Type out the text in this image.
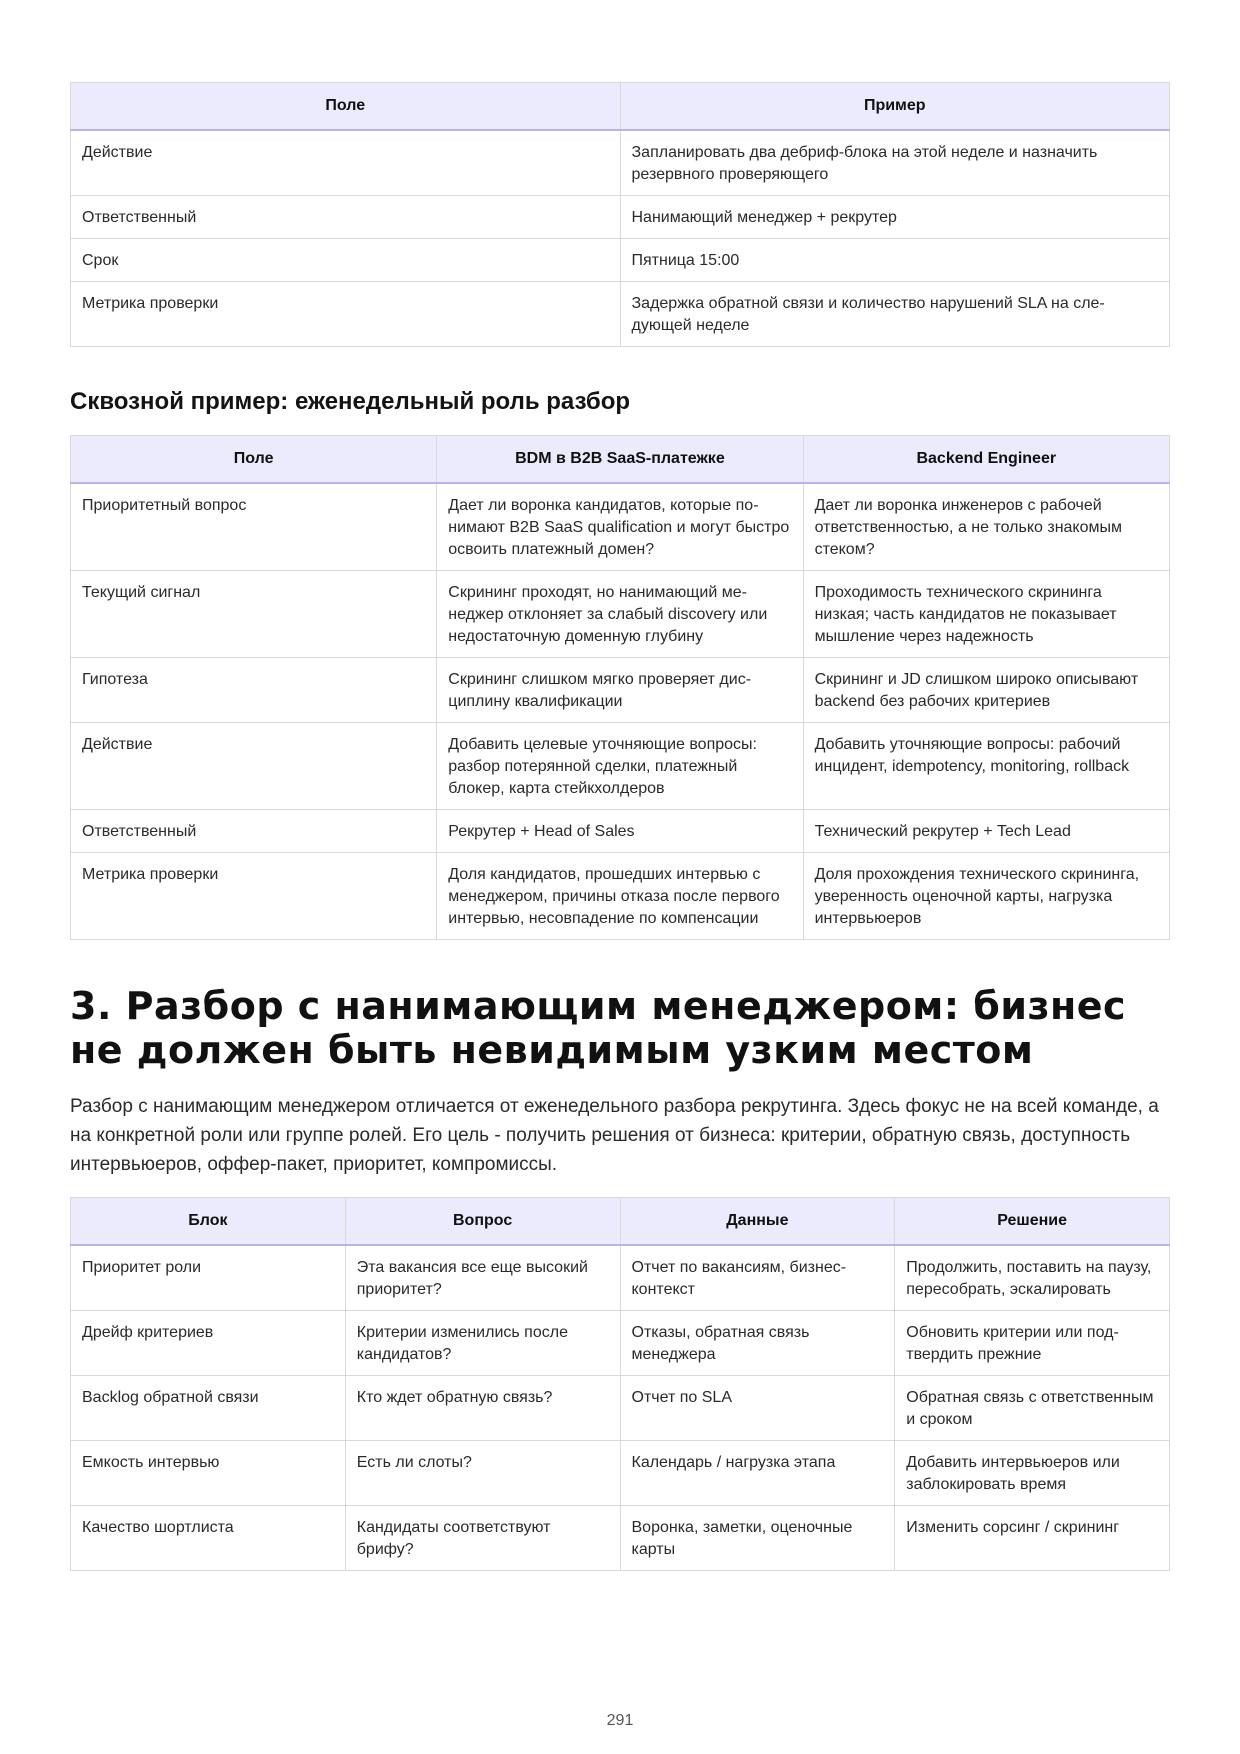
Поле	Пример
Действие	Запланировать два дебриф-блока на этой неделе и назначить резервного проверяющего
Ответственный	Нанимающий менеджер + рекрутер
Срок	Пятница 15:00
Метрика проверки	Задержка обратной связи и количество нарушений SLA на следующей неделе
Сквозной пример: еженедельный роль разбор
Поле	BDM в B2B SaaS-платежке	Backend Engineer
Приоритетный вопрос	Дает ли воронка кандидатов, которые понимают B2B SaaS qualification и могут быстро освоить платежный домен?	Дает ли воронка инженеров с рабочей ответственностью, а не только знакомым стеком?
Текущий сигнал	Скрининг проходят, но нанимающий менеджер отклоняет за слабый discovery или недостаточную доменную глубину	Проходимость технического скрининга низкая; часть кандидатов не показывает мышление через надежность
Гипотеза	Скрининг слишком мягко проверяет дисциплину квалификации	Скрининг и JD слишком широко описывают backend без рабочих критериев
Действие	Добавить целевые уточняющие вопросы: разбор потерянной сделки, платежный блокер, карта стейкхолдеров	Добавить уточняющие вопросы: рабочий инцидент, idempotency, monitoring, rollback
Ответственный	Рекрутер + Head of Sales	Технический рекрутер + Tech Lead
Метрика проверки	Доля кандидатов, прошедших интервью с менеджером, причины отказа после первого интервью, несовпадение по компенсации	Доля прохождения технического скрининга, уверенность оценочной карты, нагрузка интервьюеров
3. Разбор с нанимающим менеджером: бизнес не должен быть невидимым узким местом

Разбор с нанимающим менеджером отличается от еженедельного разбора рекрутинга. Здесь фокус не на всей команде, а на конкретной роли или группе ролей. Его цель - получить решения от бизнеса: критерии, обратную связь, доступность интервьюеров, оффер-пакет, приоритет, компромиссы.

Блок	Вопрос	Данные	Решение
Приоритет роли	Эта вакансия все еще высокий приоритет?	Отчет по вакансиям, бизнес-контекст	Продолжить, поставить на паузу, пересобрать, эскалировать
Дрейф критериев	Критерии изменились после кандидатов?	Отказы, обратная связь менеджера	Обновить критерии или подтвердить прежние
Backlog обратной связи	Кто ждет обратную связь?	Отчет по SLA	Обратная связь с ответственным и сроком
Емкость интервью	Есть ли слоты?	Календарь / нагрузка этапа	Добавить интервьюеров или заблокировать время
Качество шортлиста	Кандидаты соответствуют брифу?	Воронка, заметки, оценочные карты	Изменить сорсинг / скрининг
291
